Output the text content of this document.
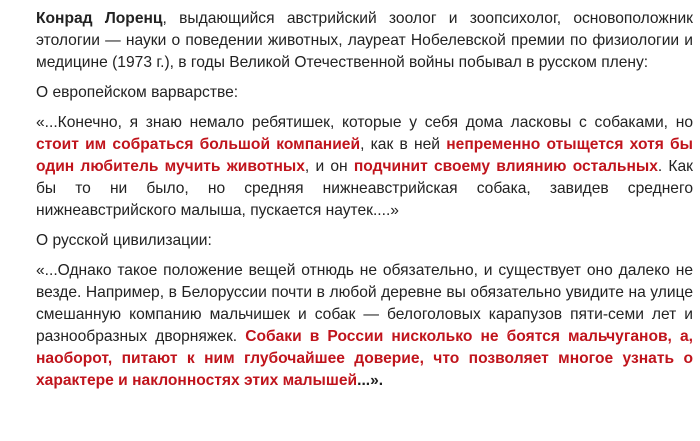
Конрад Лоренц, выдающийся австрийский зоолог и зоопсихолог, основоположник этологии — науки о поведении животных, лауреат Нобелевской премии по физиологии и медицине (1973 г.), в годы Великой Отечественной войны побывал в русском плену:

О европейском варварстве:

«...Конечно, я знаю немало ребятишек, которые у себя дома ласковы с собаками, но стоит им собраться большой компанией, как в ней непременно отыщется хотя бы один любитель мучить животных, и он подчинит своему влиянию остальных. Как бы то ни было, но средняя нижнеавстрийская собака, завидев среднего нижнеавстрийского малыша, пускается наутек....»

О русской цивилизации:

«...Однако такое положение вещей отнюдь не обязательно, и существует оно далеко не везде. Например, в Белоруссии почти в любой деревне вы обязательно увидите на улице смешанную компанию мальчишек и собак — белоголовых карапузов пяти-семи лет и разнообразных дворняжек. Собаки в России нисколько не боятся мальчуганов, а, наоборот, питают к ним глубочайшее доверие, что позволяет многое узнать о характере и наклонностях этих малышей...».
